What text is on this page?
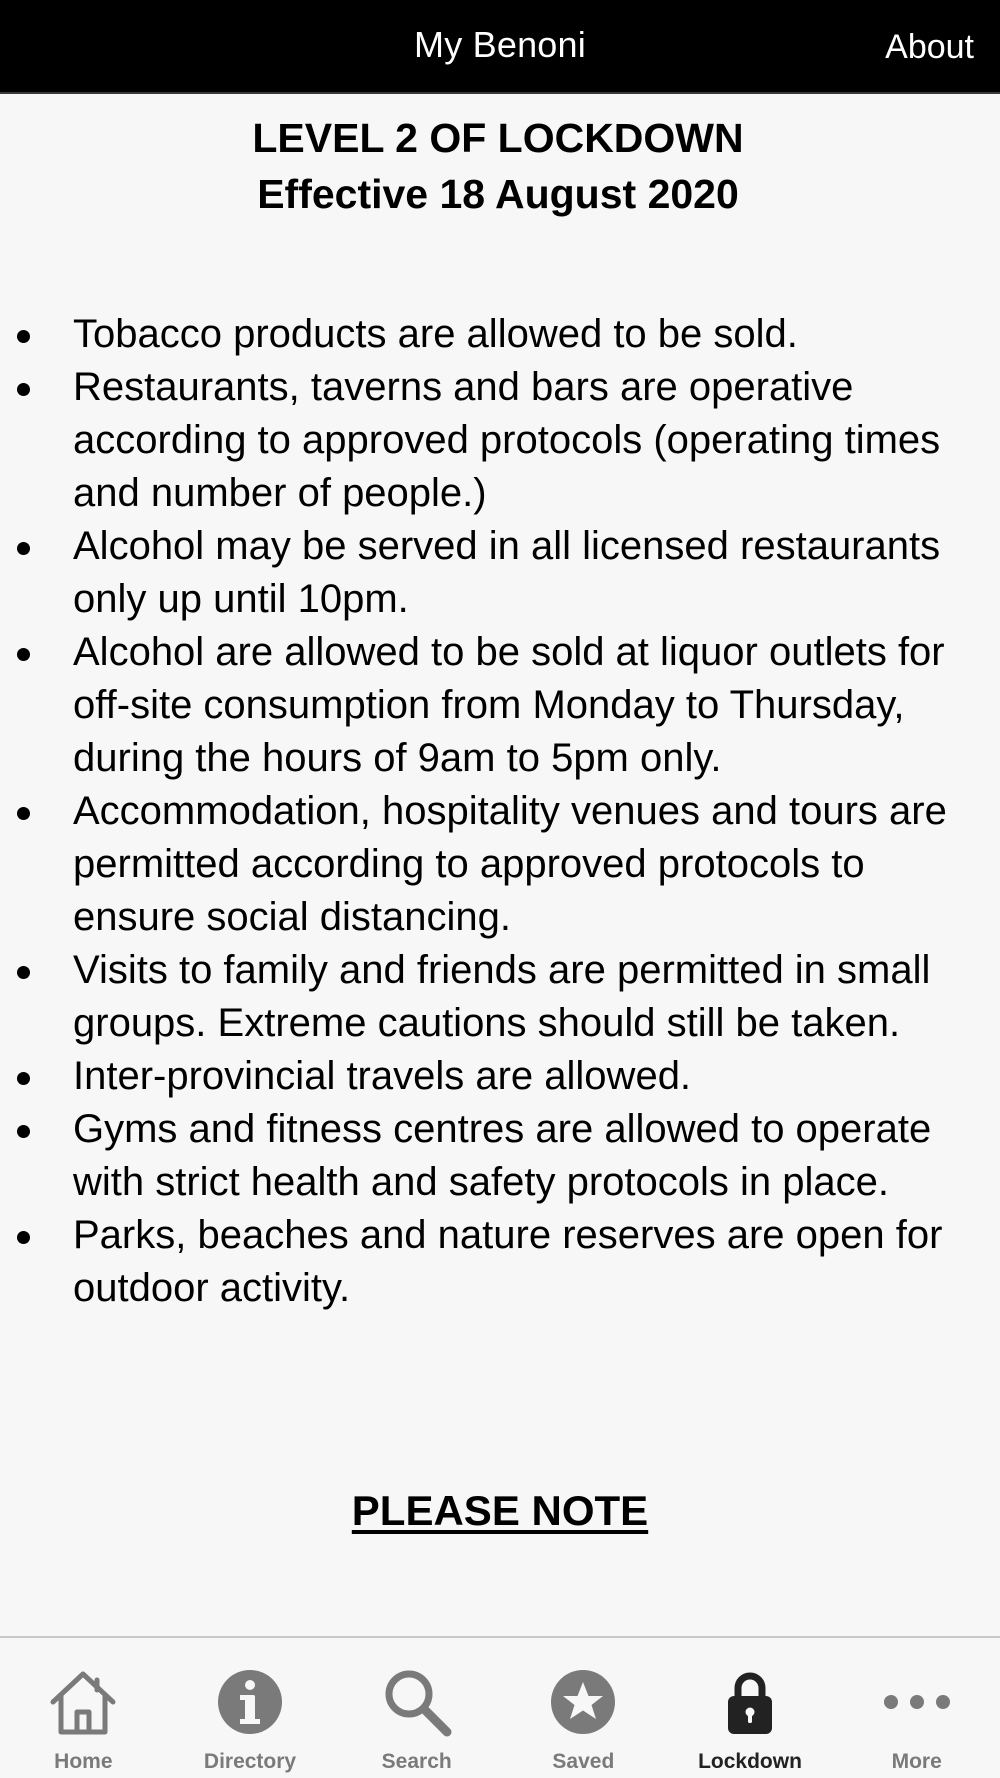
My Benoni	About
LEVEL 2 OF LOCKDOWN
Effective 18 August 2020
Tobacco products are allowed to be sold.
Restaurants, taverns and bars are operative according to approved protocols (operating times and number of people.)
Alcohol may be served in all licensed restaurants only up until 10pm.
Alcohol are allowed to be sold at liquor outlets for off-site consumption from Monday to Thursday, during the hours of 9am to 5pm only.
Accommodation, hospitality venues and tours are permitted according to approved protocols to ensure social distancing.
Visits to family and friends are permitted in small groups. Extreme cautions should still be taken.
Inter-provincial travels are allowed.
Gyms and fitness centres are allowed to operate with strict health and safety protocols in place.
Parks, beaches and nature reserves are open for outdoor activity.
PLEASE NOTE
Home	Directory	Search	Saved	Lockdown	More
